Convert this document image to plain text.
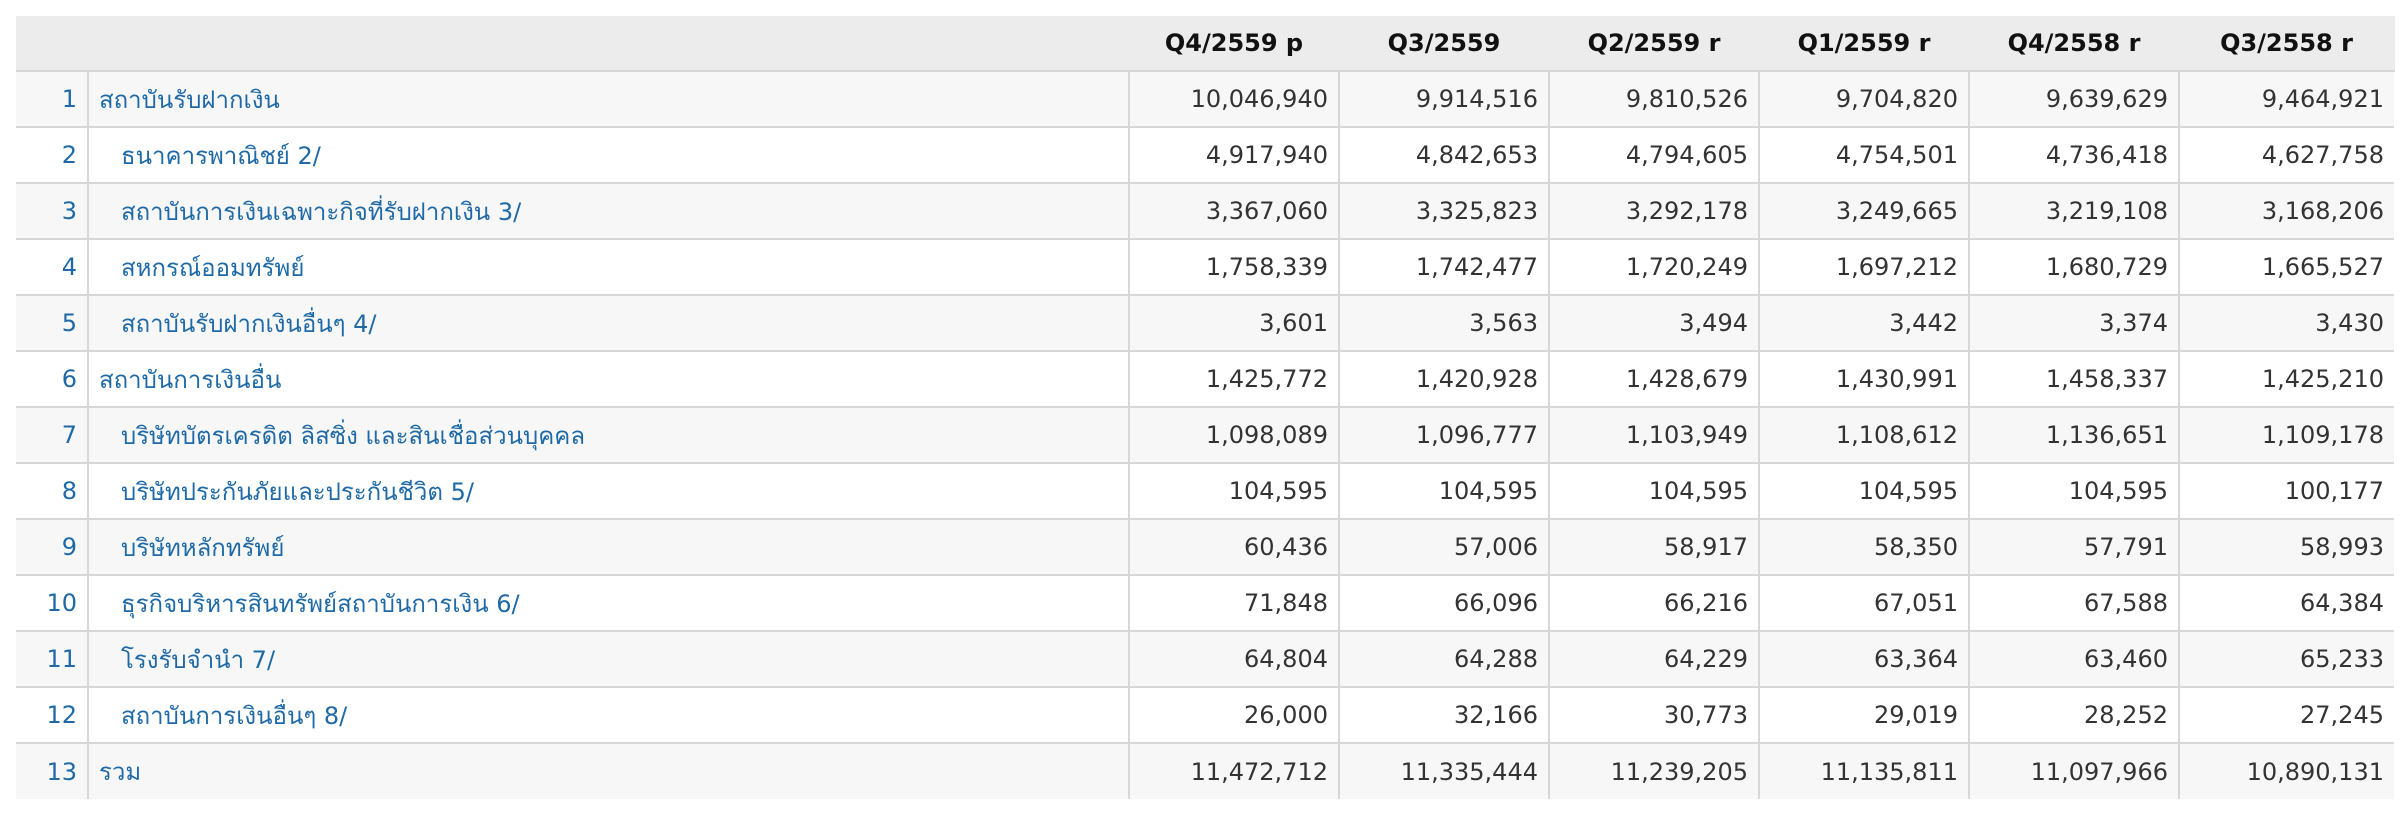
		Q4/2559 p	Q3/2559	Q2/2559 r	Q1/2559 r	Q4/2558 r	Q3/2558 r
1	สถาบันรับฝากเงิน	10,046,940	9,914,516	9,810,526	9,704,820	9,639,629	9,464,921
2	ธนาคารพาณิชย์ 2/	4,917,940	4,842,653	4,794,605	4,754,501	4,736,418	4,627,758
3	สถาบันการเงินเฉพาะกิจที่รับฝากเงิน 3/	3,367,060	3,325,823	3,292,178	3,249,665	3,219,108	3,168,206
4	สหกรณ์ออมทรัพย์	1,758,339	1,742,477	1,720,249	1,697,212	1,680,729	1,665,527
5	สถาบันรับฝากเงินอื่นๆ 4/	3,601	3,563	3,494	3,442	3,374	3,430
6	สถาบันการเงินอื่น	1,425,772	1,420,928	1,428,679	1,430,991	1,458,337	1,425,210
7	บริษัทบัตรเครดิต ลิสซิ่ง และสินเชื่อส่วนบุคคล	1,098,089	1,096,777	1,103,949	1,108,612	1,136,651	1,109,178
8	บริษัทประกันภัยและประกันชีวิต 5/	104,595	104,595	104,595	104,595	104,595	100,177
9	บริษัทหลักทรัพย์	60,436	57,006	58,917	58,350	57,791	58,993
10	ธุรกิจบริหารสินทรัพย์สถาบันการเงิน 6/	71,848	66,096	66,216	67,051	67,588	64,384
11	โรงรับจำนำ 7/	64,804	64,288	64,229	63,364	63,460	65,233
12	สถาบันการเงินอื่นๆ 8/	26,000	32,166	30,773	29,019	28,252	27,245
13	รวม	11,472,712	11,335,444	11,239,205	11,135,811	11,097,966	10,890,131
